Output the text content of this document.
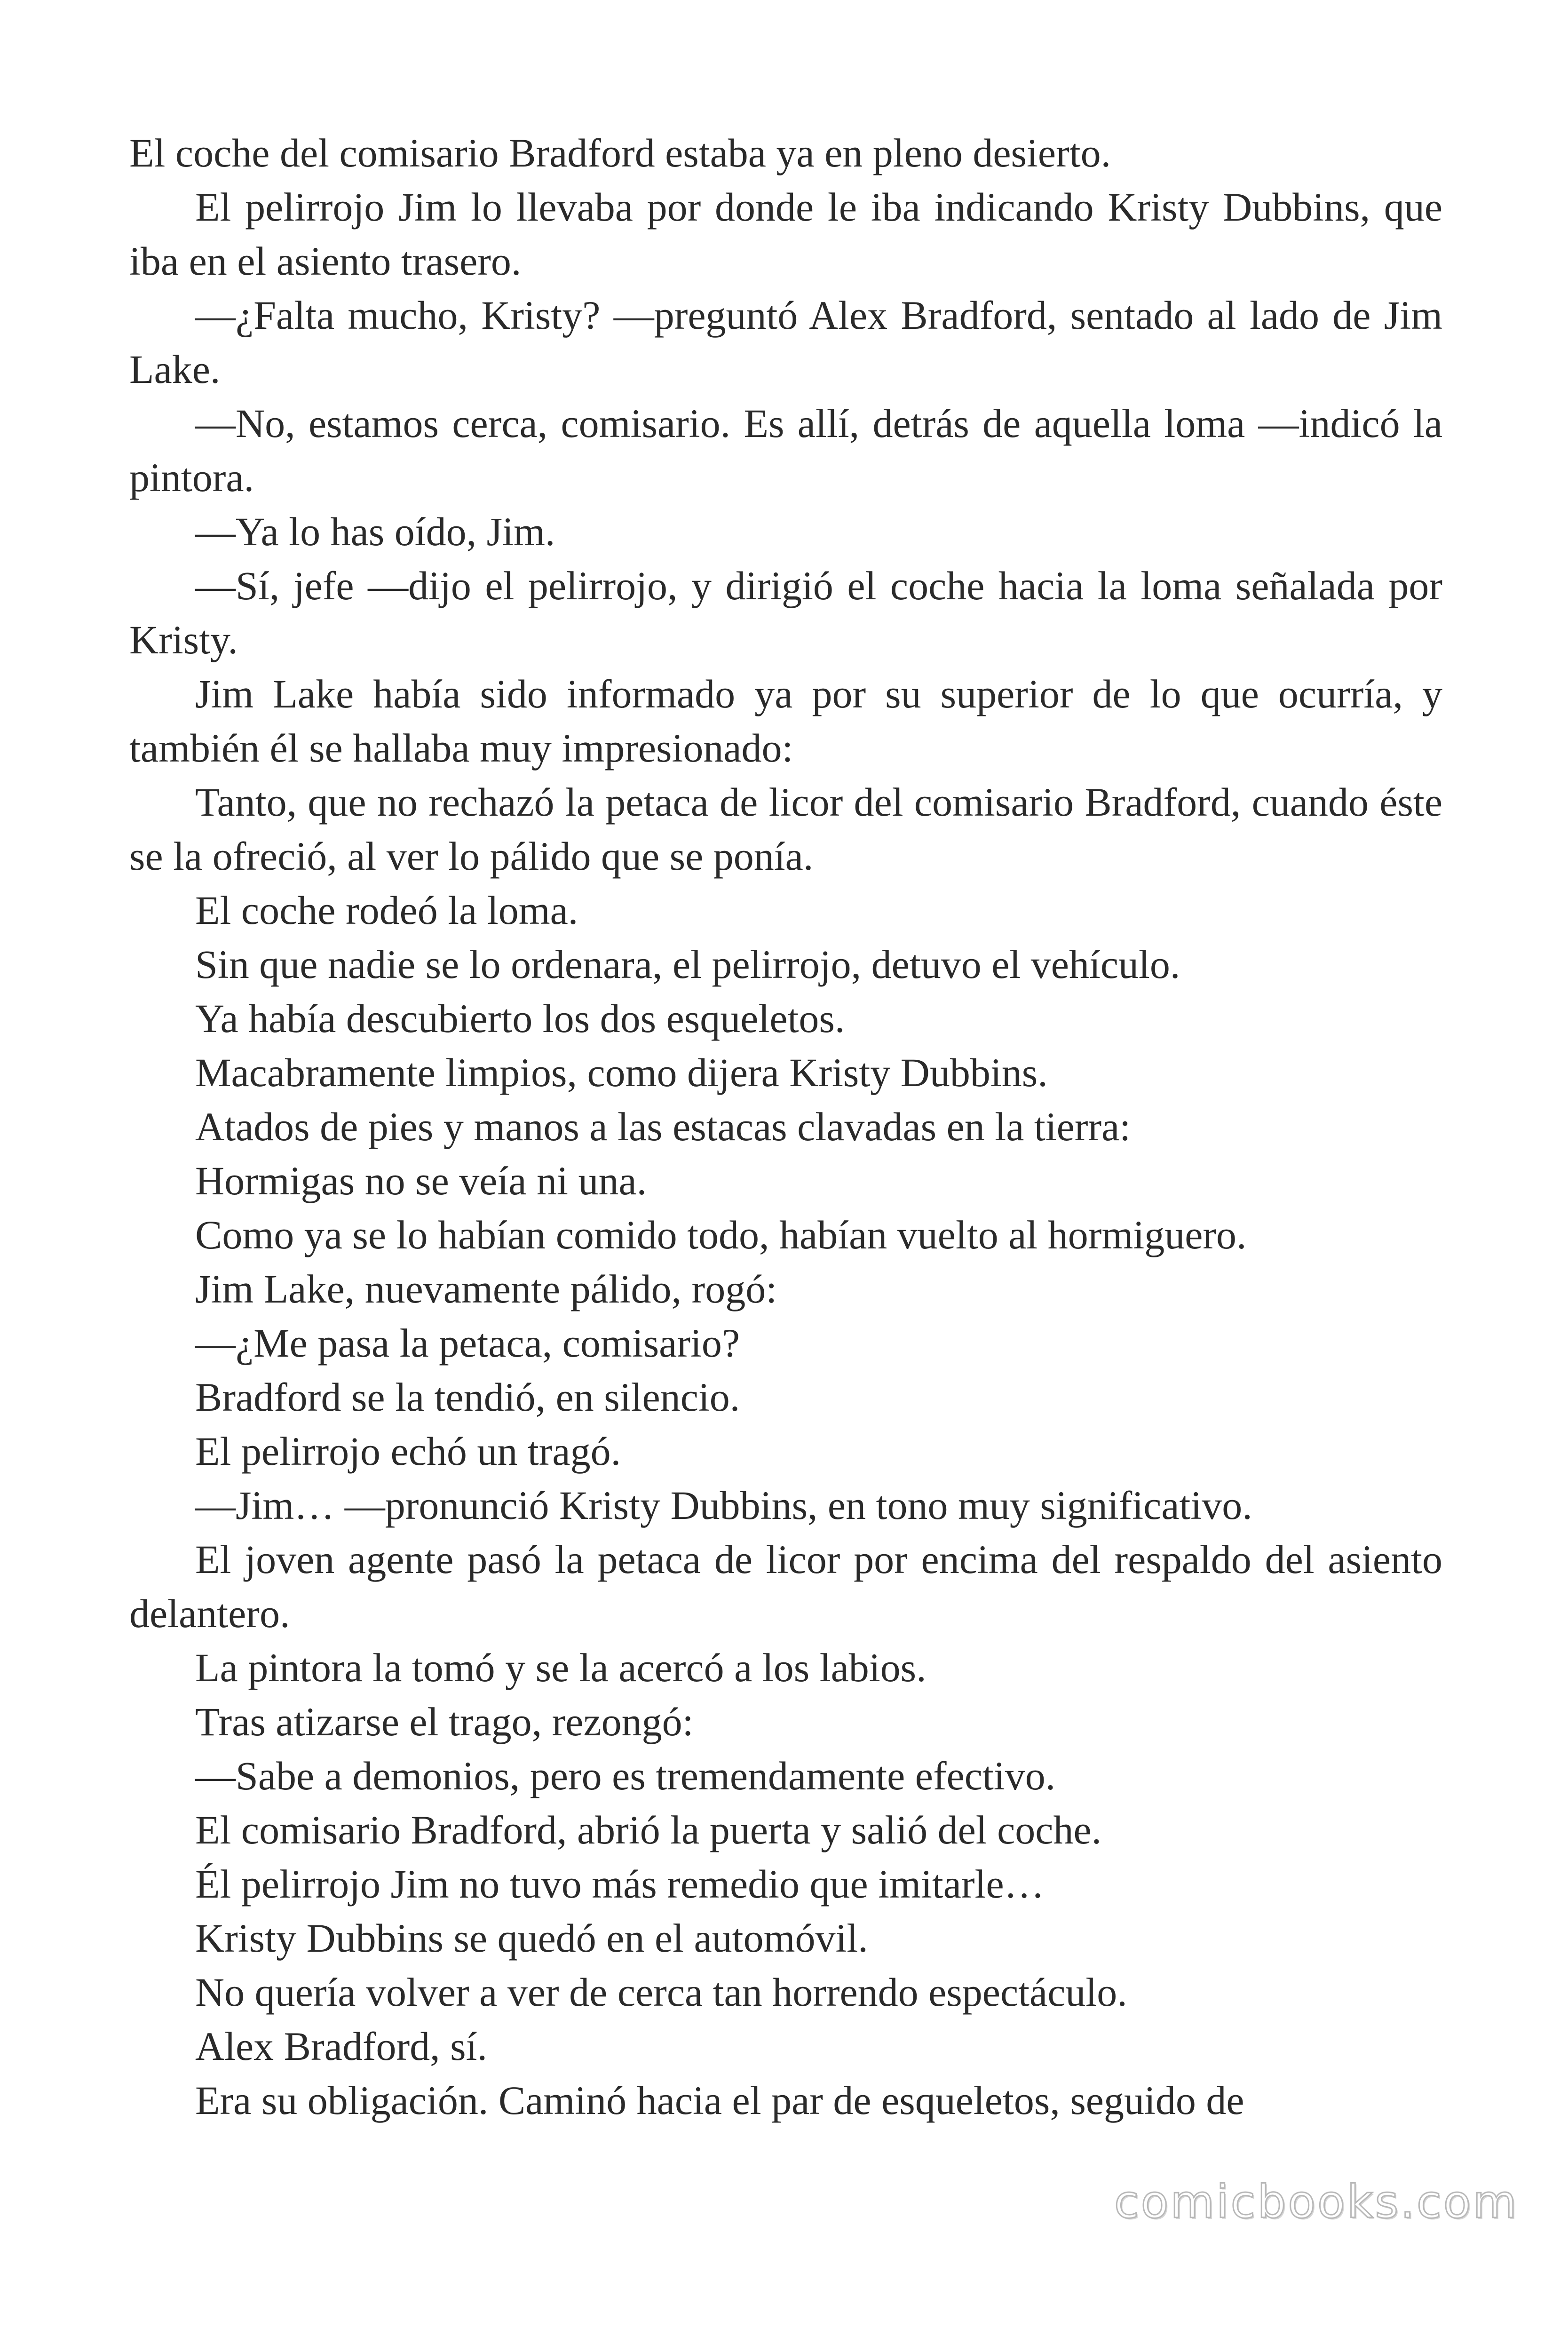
El coche del comisario Bradford estaba ya en pleno desierto.

El pelirrojo Jim lo llevaba por donde le iba indicando Kristy Dubbins, que iba en el asiento trasero.

—¿Falta mucho, Kristy? —preguntó Alex Bradford, sentado al lado de Jim Lake.

—No, estamos cerca, comisario. Es allí, detrás de aquella loma —indicó la pintora.

—Ya lo has oído, Jim.

—Sí, jefe —dijo el pelirrojo, y dirigió el coche hacia la loma señalada por Kristy.

Jim Lake había sido informado ya por su superior de lo que ocurría, y también él se hallaba muy impresionado:

Tanto, que no rechazó la petaca de licor del comisario Bradford, cuando éste se la ofreció, al ver lo pálido que se ponía.

El coche rodeó la loma.

Sin que nadie se lo ordenara, el pelirrojo, detuvo el vehículo.

Ya había descubierto los dos esqueletos.

Macabramente limpios, como dijera Kristy Dubbins.

Atados de pies y manos a las estacas clavadas en la tierra:

Hormigas no se veía ni una.

Como ya se lo habían comido todo, habían vuelto al hormiguero.

Jim Lake, nuevamente pálido, rogó:

—¿Me pasa la petaca, comisario?

Bradford se la tendió, en silencio.

El pelirrojo echó un tragó.

—Jim… —pronunció Kristy Dubbins, en tono muy significativo.

El joven agente pasó la petaca de licor por encima del respaldo del asiento delantero.

La pintora la tomó y se la acercó a los labios.

Tras atizarse el trago, rezongó:

—Sabe a demonios, pero es tremendamente efectivo.

El comisario Bradford, abrió la puerta y salió del coche.

Él pelirrojo Jim no tuvo más remedio que imitarle…

Kristy Dubbins se quedó en el automóvil.

No quería volver a ver de cerca tan horrendo espectáculo.

Alex Bradford, sí.

Era su obligación. Caminó hacia el par de esqueletos, seguido de

comicbooks.com
